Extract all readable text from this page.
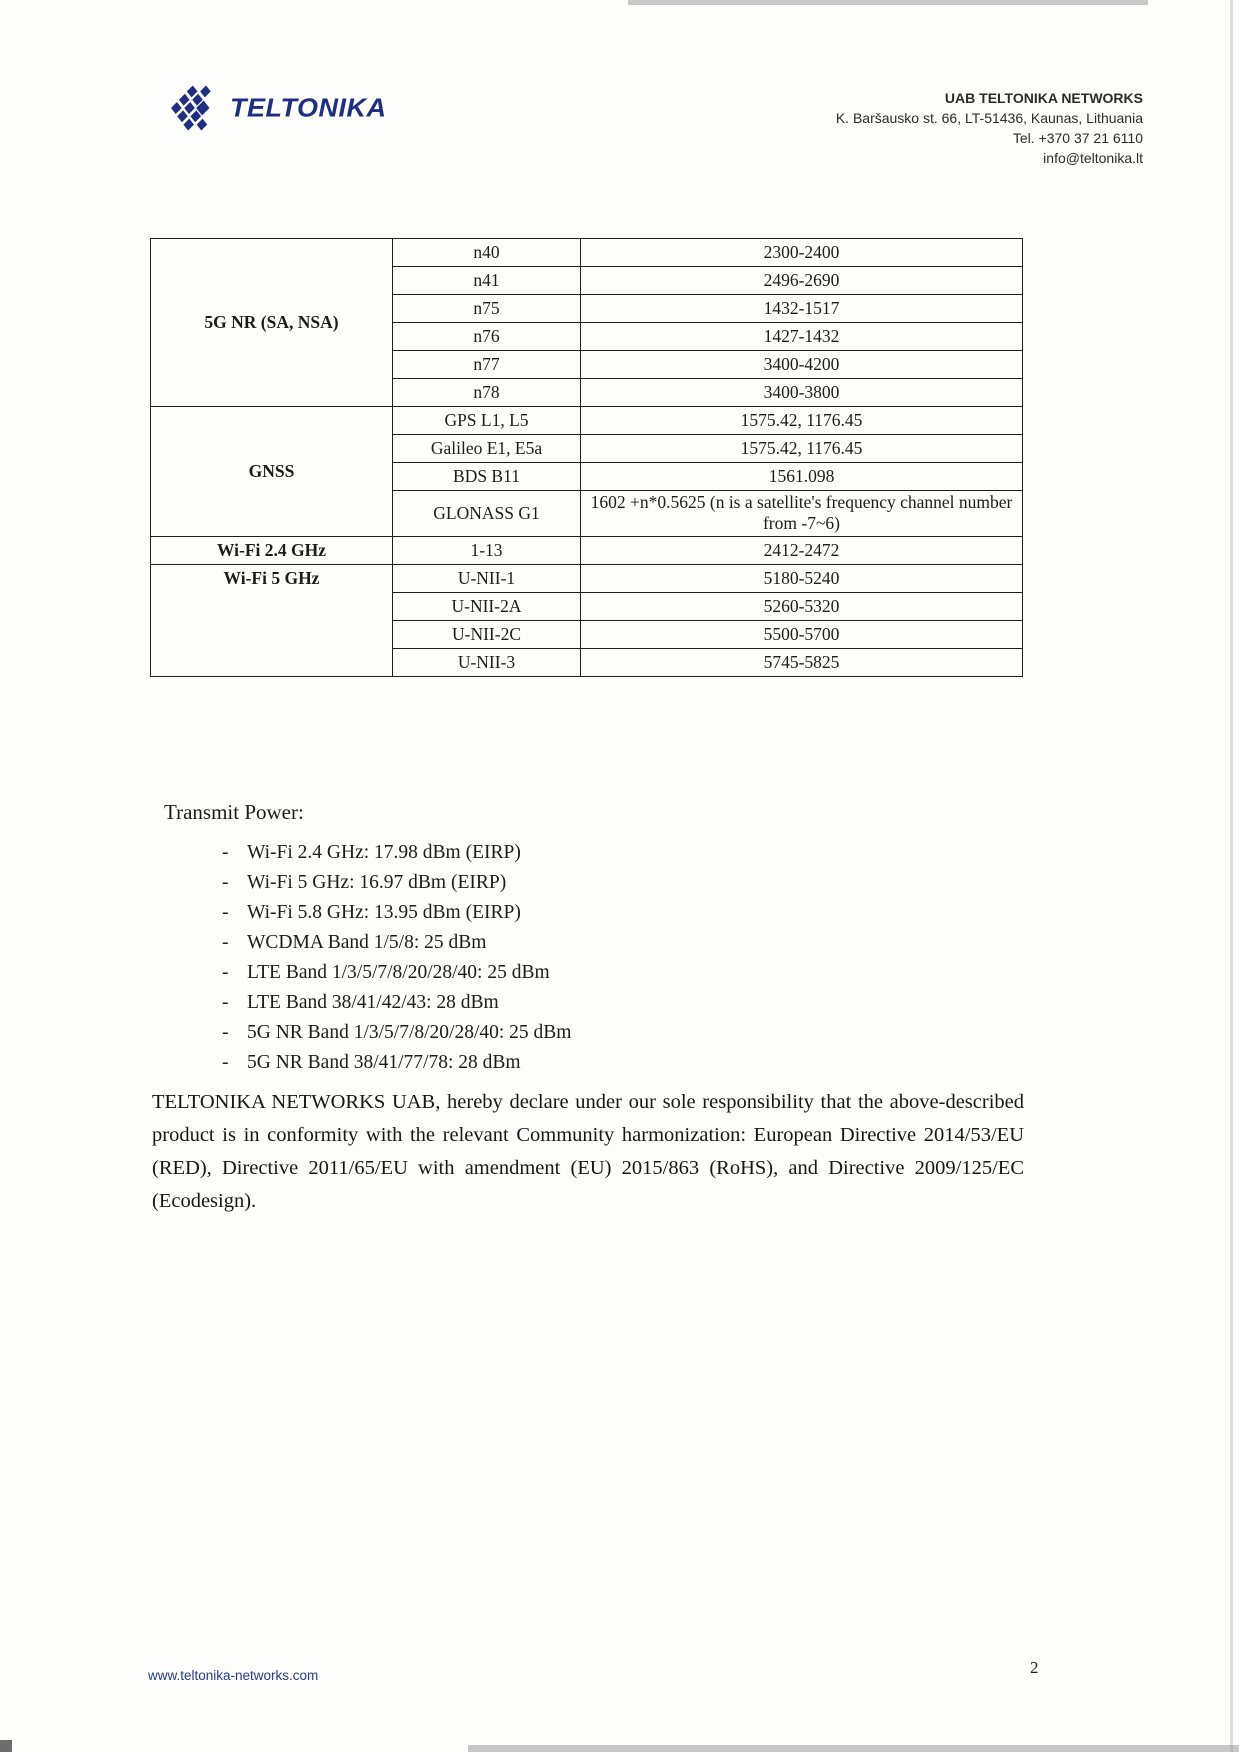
TELTONIKA	UAB TELTONIKA NETWORKS
K. Baršausko st. 66, LT-51436, Kaunas, Lithuania
Tel. +370 37 21 6110
info@teltonika.lt
5G NR (SA, NSA)	n40	2300-2400
	n41	2496-2690
	n75	1432-1517
	n76	1427-1432
	n77	3400-4200
	n78	3400-3800
GNSS	GPS L1, L5	1575.42, 1176.45
	Galileo E1, E5a	1575.42, 1176.45
	BDS B11	1561.098
	GLONASS G1	1602 +n*0.5625 (n is a satellite's frequency channel number from -7~6)
Wi-Fi 2.4 GHz	1-13	2412-2472
Wi-Fi 5 GHz	U-NII-1	5180-5240
	U-NII-2A	5260-5320
	U-NII-2C	5500-5700
	U-NII-3	5745-5825
Transmit Power:
- Wi-Fi 2.4 GHz: 17.98 dBm (EIRP)
- Wi-Fi 5 GHz: 16.97 dBm (EIRP)
- Wi-Fi 5.8 GHz: 13.95 dBm (EIRP)
- WCDMA Band 1/5/8: 25 dBm
- LTE Band 1/3/5/7/8/20/28/40: 25 dBm
- LTE Band 38/41/42/43: 28 dBm
- 5G NR Band 1/3/5/7/8/20/28/40: 25 dBm
- 5G NR Band 38/41/77/78: 28 dBm
TELTONIKA NETWORKS UAB, hereby declare under our sole responsibility that the above-described product is in conformity with the relevant Community harmonization: European Directive 2014/53/EU (RED), Directive 2011/65/EU with amendment (EU) 2015/863 (RoHS), and Directive 2009/125/EC (Ecodesign).
www.teltonika-networks.com	2
